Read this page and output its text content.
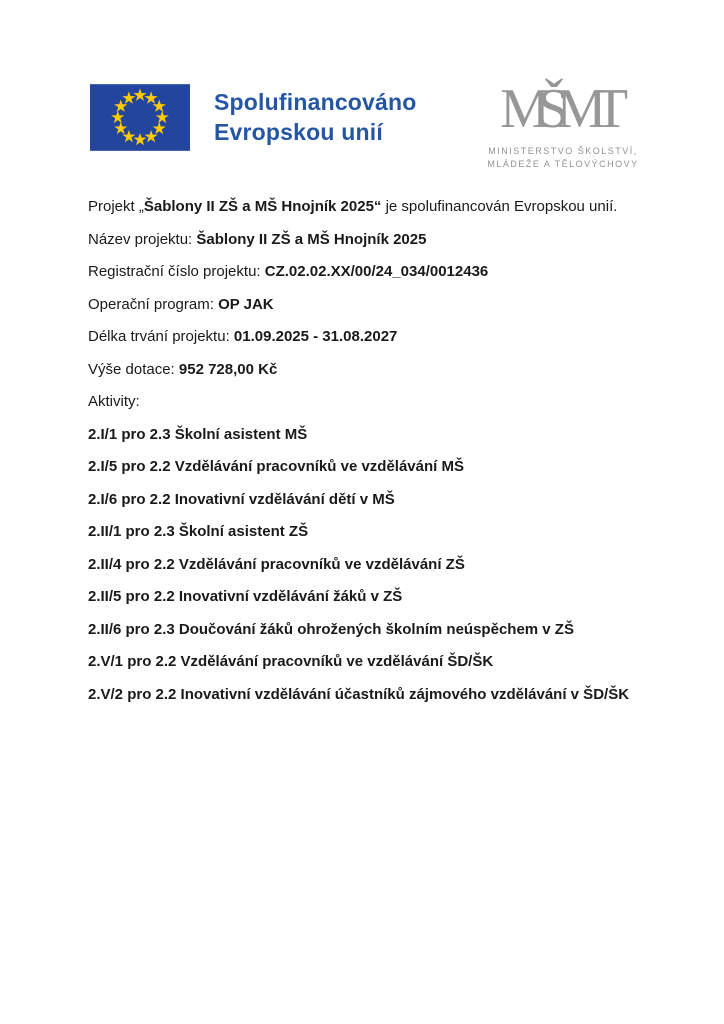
Spolufinancováno
Evropskou unií	MŠMT
MINISTERSTVO ŠKOLSTVÍ,
MLÁDEŽE A TĚLOVÝCHOVY

Projekt „Šablony II ZŠ a MŠ Hnojník 2025“ je spolufinancován Evropskou unií.

Název projektu: Šablony II ZŠ a MŠ Hnojník 2025

Registrační číslo projektu: CZ.02.02.XX/00/24_034/0012436

Operační program: OP JAK

Délka trvání projektu: 01.09.2025 - 31.08.2027

Výše dotace: 952 728,00 Kč

Aktivity:

2.I/1 pro 2.3 Školní asistent MŠ

2.I/5 pro 2.2 Vzdělávání pracovníků ve vzdělávání MŠ

2.I/6 pro 2.2 Inovativní vzdělávání dětí v MŠ

2.II/1 pro 2.3 Školní asistent ZŠ

2.II/4 pro 2.2 Vzdělávání pracovníků ve vzdělávání ZŠ

2.II/5 pro 2.2 Inovativní vzdělávání žáků v ZŠ

2.II/6 pro 2.3 Doučování žáků ohrožených školním neúspěchem v ZŠ

2.V/1 pro 2.2 Vzdělávání pracovníků ve vzdělávání ŠD/ŠK

2.V/2 pro 2.2 Inovativní vzdělávání účastníků zájmového vzdělávání v ŠD/ŠK
